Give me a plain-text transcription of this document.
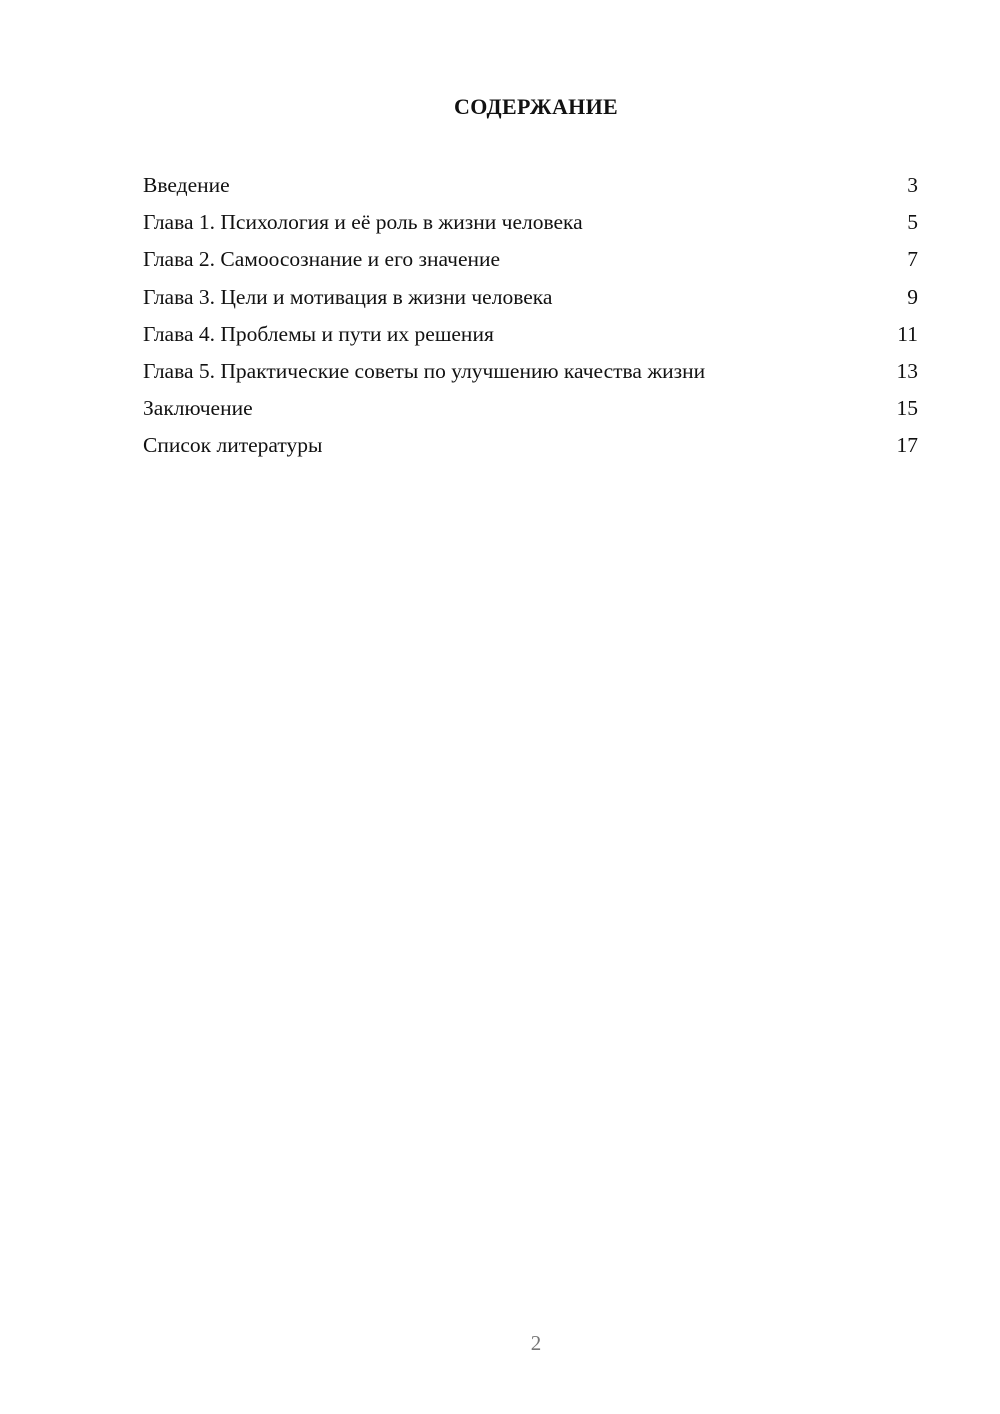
СОДЕРЖАНИЕ
Введение	3
Глава 1. Психология и её роль в жизни человека	5
Глава 2. Самоосознание и его значение	7
Глава 3. Цели и мотивация в жизни человека	9
Глава 4. Проблемы и пути их решения	11
Глава 5. Практические советы по улучшению качества жизни	13
Заключение	15
Список литературы	17
2
